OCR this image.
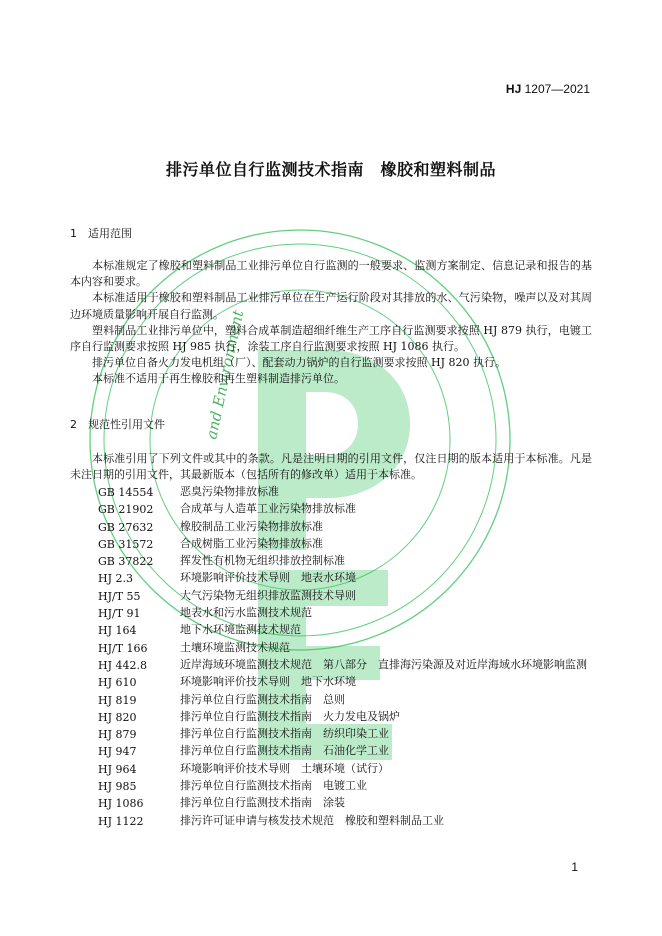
and Environment
HJ 1207—2021
排污单位自行监测技术指南　橡胶和塑料制品
1 适用范围

本标准规定了橡胶和塑料制品工业排污单位自行监测的一般要求、监测方案制定、信息记录和报告的基本内容和要求。

本标准适用于橡胶和塑料制品工业排污单位在生产运行阶段对其排放的水、气污染物，噪声以及对其周边环境质量影响开展自行监测。

塑料制品工业排污单位中，塑料合成革制造超细纤维生产工序自行监测要求按照 HJ 879 执行，电镀工序自行监测要求按照 HJ 985 执行，涂装工序自行监测要求按照 HJ 1086 执行。

排污单位自备火力发电机组（厂）、配套动力锅炉的自行监测要求按照 HJ 820 执行。

本标准不适用于再生橡胶和再生塑料制造排污单位。

2 规范性引用文件

本标准引用了下列文件或其中的条款。凡是注明日期的引用文件，仅注日期的版本适用于本标准。凡是未注日期的引用文件，其最新版本（包括所有的修改单）适用于本标准。

GB 14554	恶臭污染物排放标准
GB 21902	合成革与人造革工业污染物排放标准
GB 27632	橡胶制品工业污染物排放标准
GB 31572	合成树脂工业污染物排放标准
GB 37822	挥发性有机物无组织排放控制标准
HJ 2.3	环境影响评价技术导则　地表水环境
HJ/T 55	大气污染物无组织排放监测技术导则
HJ/T 91	地表水和污水监测技术规范
HJ 164	地下水环境监测技术规范
HJ/T 166	土壤环境监测技术规范
HJ 442.8	近岸海域环境监测技术规范　第八部分　直排海污染源及对近岸海域水环境影响监测
HJ 610	环境影响评价技术导则　地下水环境
HJ 819	排污单位自行监测技术指南　总则
HJ 820	排污单位自行监测技术指南　火力发电及锅炉
HJ 879	排污单位自行监测技术指南　纺织印染工业
HJ 947	排污单位自行监测技术指南　石油化学工业
HJ 964	环境影响评价技术导则　土壤环境（试行）
HJ 985	排污单位自行监测技术指南　电镀工业
HJ 1086	排污单位自行监测技术指南　涂装
HJ 1122	排污许可证申请与核发技术规范　橡胶和塑料制品工业
1
